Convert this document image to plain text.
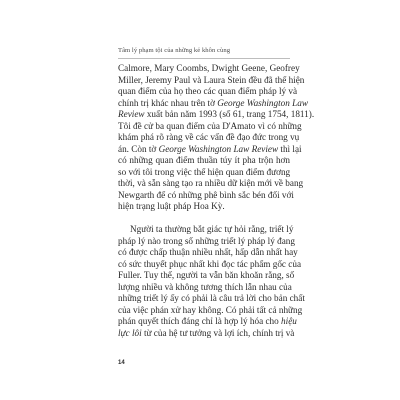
Tâm lý phạm tội của những kẻ khôn cùng
Calmore, Mary Coombs, Dwight Geene, Geofrey
Miller, Jeremy Paul và Laura Stein đều đã thể hiện
quan điểm của họ theo các quan điểm pháp lý và
chính trị khác nhau trên tờ George Washington Law
Review xuất bản năm 1993 (số 61, trang 1754, 1811).
Tôi đề cử ba quan điểm của D'Amato vì có những
khám phá rõ ràng về các vấn đề đạo đức trong vụ
án. Còn tờ George Washington Law Review thì lại
có những quan điểm thuần túy ít pha trộn hơn
so với tôi trong việc thể hiện quan điểm đương
thời, và sẵn sàng tạo ra nhiều dữ kiện mới về bang
Newgarth để có những phê bình sắc bén đối với
hiện trạng luật pháp Hoa Kỳ.
Người ta thường bắt giác tự hỏi rằng, triết lý
pháp lý nào trong số những triết lý pháp lý đang
có được chấp thuận nhiều nhất, hấp dẫn nhất hay
có sức thuyết phục nhất khi đọc tác phẩm gốc của
Fuller. Tuy thế, người ta vẫn băn khoăn rằng, số
lượng nhiều và không tương thích lẫn nhau của
những triết lý ấy có phải là câu trả lời cho bản chất
của việc phán xử hay không. Có phải tất cả những
phán quyết thích đáng chỉ là hợp lý hóa cho hiệu
lực lôi từ của hệ tư tưởng và lợi ích, chính trị và
14
